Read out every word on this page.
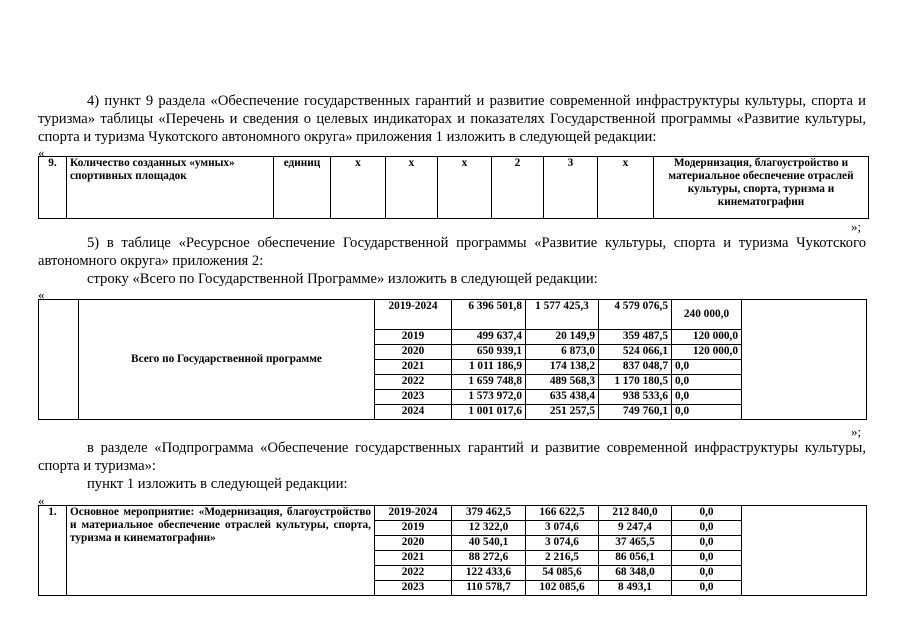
4) пункт 9 раздела «Обеспечение государственных гарантий и развитие современной инфраструктуры культуры, спорта и туризма» таблицы «Перечень и сведения о целевых индикаторах и показателях Государственной программы «Развитие культуры, спорта и туризма Чукотского автономного округа» приложения 1 изложить в следующей редакции:
«
9.	Количество созданных «умных» спортивных площадок	единиц	х	х	х	2	3	х	Модернизация, благоустройство и материальное обеспечение отраслей культуры, спорта, туризма и кинематографии
»;
5) в таблице «Ресурсное обеспечение Государственной программы «Развитие культуры, спорта и туризма Чукотского автономного округа» приложения 2:
строку «Всего по Государственной Программе» изложить в следующей редакции:
«
	Всего по Государственной программе	2019-2024	6 396 501,8	1 577 425,3	4 579 076,5	240 000,0	
		2019	499 637,4	20 149,9	359 487,5	120 000,0	
		2020	650 939,1	6 873,0	524 066,1	120 000,0	
		2021	1 011 186,9	174 138,2	837 048,7	0,0	
		2022	1 659 748,8	489 568,3	1 170 180,5	0,0	
		2023	1 573 972,0	635 438,4	938 533,6	0,0	
		2024	1 001 017,6	251 257,5	749 760,1	0,0	
»;
в разделе «Подпрограмма «Обеспечение государственных гарантий и развитие современной инфраструктуры культуры, спорта и туризма»:
пункт 1 изложить в следующей редакции:
«
1.	Основное мероприятие: «Модернизация, благоустройство и материальное обеспечение отраслей культуры, спорта, туризма и кинематографии»	2019-2024	379 462,5	166 622,5	212 840,0	0,0	
		2019	12 322,0	3 074,6	9 247,4	0,0	
		2020	40 540,1	3 074,6	37 465,5	0,0	
		2021	88 272,6	2 216,5	86 056,1	0,0	
		2022	122 433,6	54 085,6	68 348,0	0,0	
		2023	110 578,7	102 085,6	8 493,1	0,0	
